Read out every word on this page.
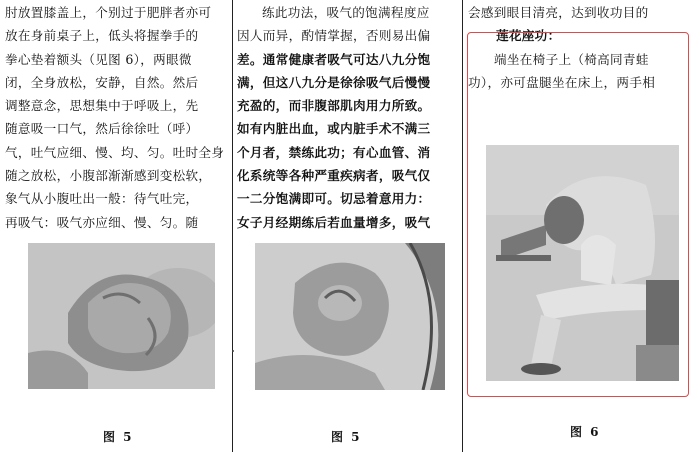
肘放置膝盖上，个别过于肥胖者亦可
放在身前桌子上，低头将握拳手的
拳心垫着额头（见图 6），两眼微
闭，全身放松，安静，自然。然后
调整意念，思想集中于呼吸上，先
随意吸一口气，然后徐徐吐（呼）
气，吐气应细、慢、均、匀。吐时全身
随之放松，小腹部渐渐感到变松软，
象气从小腹吐出一般：待气吐完，
再吸气：吸气亦应细、慢、匀。随
图 5
练此功法，吸气的饱满程度应
因人而异，酌情掌握，否则易出偏
差。通常健康者吸气可达八九分饱
满，但这八九分是徐徐吸气后慢慢
充盈的，而非腹部肌肉用力所致。
如有内脏出血，或内脏手术不满三
个月者，禁练此功；有心血管、消
化系统等各种严重疾病者，吸气仅
一二分饱满即可。切忌着意用力：
女子月经期练后若血量增多，吸气
图 5
会感到眼目清亮，达到收功目的
莲花座功：
端坐在椅子上（椅高同青蛙
功），亦可盘腿坐在床上，两手相
图 6
